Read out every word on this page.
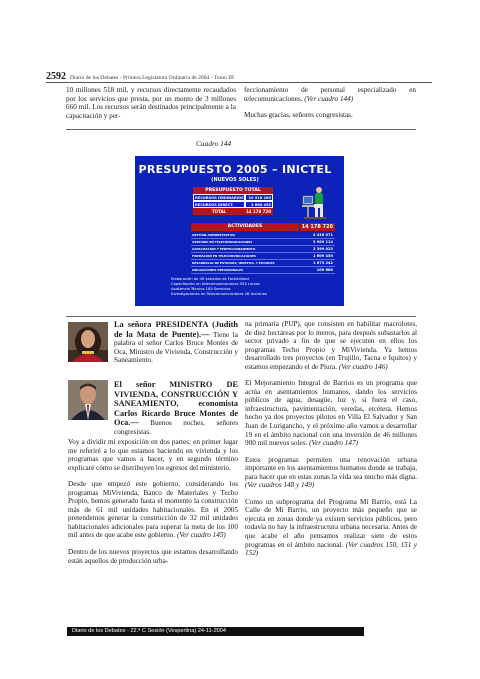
2592 Diario de los Debates - Primera Legislatura Ordinaria de 2004 - Tomo III

10 millones 518 mil, y recursos directamente recaudados por los servicios que presta, por un monto de 3 millones 660 mil. Los recursos serán destinados principalmente a la capacitación y per-

feccionamiento de personal especializado en telecomunicaciones. (Ver cuadro 144)

Muchas gracias, señores congresistas.

Cuadro 144
PRESUPUESTO 2005 – INICTEL
(NUEVOS SOLES)
PRESUPUESTO TOTAL
RECURSOS ORDINARIOS	10 518 265
RECURSOS DIRECT.	3 660 455
TOTAL	14 178 720
ACTIVIDADES	14 178 720
GESTIÓN ADMINISTRATIVA	4 416 071
ASESORÍA EN TELECOMUNICACIONES	3 909 114
CAPACITACIÓN Y PERFECCIONAMIENTO	2 399 023
FORMACIÓN EN TELECOMUNICACIONES	1 609 450
DESARROLLO DE ESTUDIOS, INVESTIG. Y ESTADIST.	1 673 242
OBLIGACIONES PREVISIONALES	109 660
Elaboración de 49 estudios de Factibilidad
Capacitación en telecomunicaciones 554 cursos
Asistencia Técnica 185 Servicios
Investigaciones en Telecomunicaciones 26 Acciones

La señora PRESIDENTA (Judith de la Mata de Puente).— Tiene la palabra el señor Carlos Bruce Montes de Oca, Ministro de Vivienda, Construcción y Saneamiento.

El señor MINISTRO DE VIVIENDA, CONSTRUCCIÓN Y SANEAMIENTO, economista Carlos Ricardo Bruce Montes de Oca.— Buenos noches, señores congresistas.

Voy a dividir mi exposición en dos partes: en primer lugar me referiré a lo que estamos haciendo en vivienda y los programas que vamos a hacer, y en segundo término explicaré cómo se distribuyen los egresos del ministerio.

Desde que empezó este gobierno, considerando los programas MiVivienda, Banco de Materiales y Techo Propio, hemos generado hasta el momento la construcción más de 61 mil unidades habitacionales. En el 2005 pretendemos generar la construcción de 32 mil unidades habitacionales adicionales para superar la meta de los 100 mil antes de que acabe este gobierno. (Ver cuadro 145)

Dentro de los nuevos proyectos que estamos desarrollando están aquellos de producción urba-

na primaria (PUP), que consisten en habilitar macrolotes, de diez hectáreas por lo menos, para después subastarlos al sector privado a fin de que se ejecuten en ellos los programas Techo Propio y MiVivienda. Ya hemos desarrollado tres proyectos (en Trujillo, Tacna e Iquitos) y estamos empezando el de Piura. (Ver cuadro 146)

El Mejoramiento Integral de Barrios es un programa que actúa en asentamientos humanos, dando los servicios públicos de agua, desagüe, luz y, si fuera el caso, infraestructura, pavimentación, veredas, etcétera. Hemos hecho ya dos proyectos pilotos en Villa El Salvador y San Juan de Lurigancho, y el próximo año vamos a desarrollar 19 en el ámbito nacional con una inversión de 46 millones 900 mil nuevos soles. (Ver cuadro 147)

Estos programas permiten una renovación urbana importante en los asentamientos humanos donde se trabaja, para hacer que en estas zonas la vida sea mucho más digna. (Ver cuadros 148 y 149)

Como un subprograma del Programa Mi Barrio, está La Calle de Mi Barrio, un proyecto más pequeño que se ejecuta en zonas donde ya existen servicios públicos, pero todavía no hay la infraestructura urbana necesaria. Antes de que acabe el año pensamos realizar siete de estos programas en el ámbito nacional. (Ver cuadros 150, 151 y 152)

Diario de los Debates - 22.ª C Sesión (Vespertina) 24-11-2004
